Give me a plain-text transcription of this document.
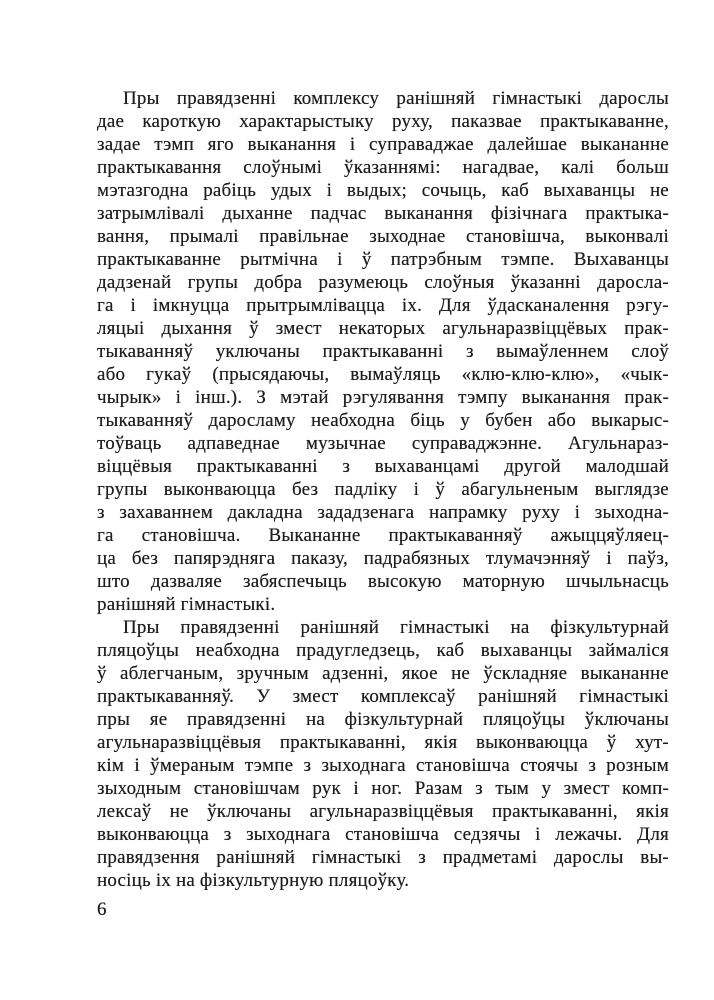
Пры правядзенні комплексу ранішняй гімнастыкі дарослы
дае кароткую характарыстыку руху, паказвае практыкаванне,
задае тэмп яго выканання і суправаджае далейшае выкананне
практыкавання слоўнымі ўказаннямі: нагадвае, калі больш
мэтазгодна рабіць удых і выдых; сочыць, каб выхаванцы не
затрымлівалі дыханне падчас выканання фізічнага практыка-
вання, прымалі правільнае зыходнае становішча, выконвалі
практыкаванне рытмічна і ў патрэбным тэмпе. Выхаванцы
дадзенай групы добра разумеюць слоўныя ўказанні даросла-
га і імкнуцца прытрымлівацца іх. Для ўдасканалення рэгу-
ляцыі дыхання ў змест некаторых агульнаразвіццёвых прак-
тыкаванняў уключаны практыкаванні з вымаўленнем слоў
або гукаў (прысядаючы, вымаўляць «клю-клю-клю», «чык-
чырык» і інш.). З мэтай рэгулявання тэмпу выканання прак-
тыкаванняў даросламу неабходна біць у бубен або выкарыс-
тоўваць адпаведнае музычнае суправаджэнне. Агульнараз-
віццёвыя практыкаванні з выхаванцамі другой малодшай
групы выконваюцца без падліку і ў абагульненым выглядзе
з захаваннем дакладна зададзенага напрамку руху і зыходна-
га становішча. Выкананне практыкаванняў ажыццяўляец-
ца без папярэдняга паказу, падрабязных тлумачэнняў і паўз,
што дазваляе забяспечыць высокую маторную шчыльнасць
ранішняй гімнастыкі.
Пры правядзенні ранішняй гімнастыкі на фізкультурнай
пляцоўцы неабходна прадугледзець, каб выхаванцы займаліся
ў аблегчаным, зручным адзенні, якое не ўскладняе выкананне
практыкаванняў. У змест комплексаў ранішняй гімнастыкі
пры яе правядзенні на фізкультурнай пляцоўцы ўключаны
агульнаразвіццёвыя практыкаванні, якія выконваюцца ў хут-
кім і ўмераным тэмпе з зыходнага становішча стоячы з розным
зыходным становішчам рук і ног. Разам з тым у змест комп-
лексаў не ўключаны агульнаразвіццёвыя практыкаванні, якія
выконваюцца з зыходнага становішча седзячы і лежачы. Для
правядзення ранішняй гімнастыкі з прадметамі дарослы вы-
носіць іх на фізкультурную пляцоўку.
6
